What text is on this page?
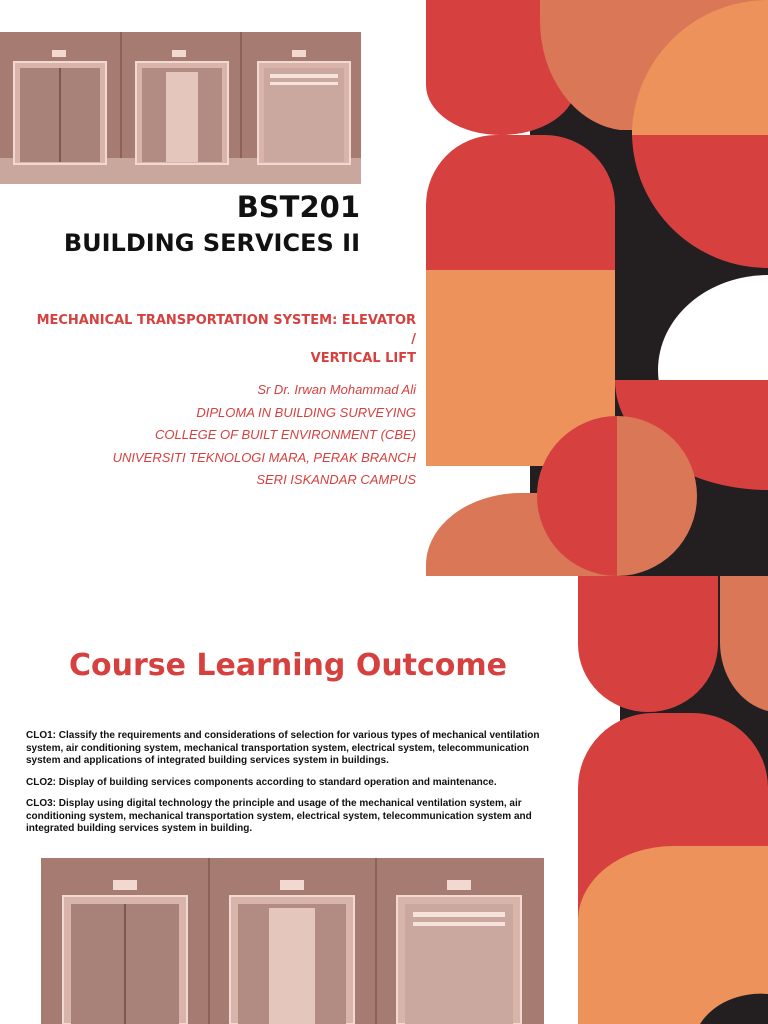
BST201
BUILDING SERVICES II
MECHANICAL TRANSPORTATION SYSTEM: ELEVATOR /
VERTICAL LIFT
Sr Dr. Irwan Mohammad Ali
DIPLOMA IN BUILDING SURVEYING
COLLEGE OF BUILT ENVIRONMENT (CBE)
UNIVERSITI TEKNOLOGI MARA, PERAK BRANCH
SERI ISKANDAR CAMPUS
Course Learning Outcome

CLO1: Classify the requirements and considerations of selection for various types of mechanical ventilation system, air conditioning system, mechanical transportation system, electrical system, telecommunication system and applications of integrated building services system in buildings.

CLO2: Display of building services components according to standard operation and maintenance.

CLO3: Display using digital technology the principle and usage of the mechanical ventilation system, air conditioning system, mechanical transportation system, electrical system, telecommunication system and integrated building services system in building.
